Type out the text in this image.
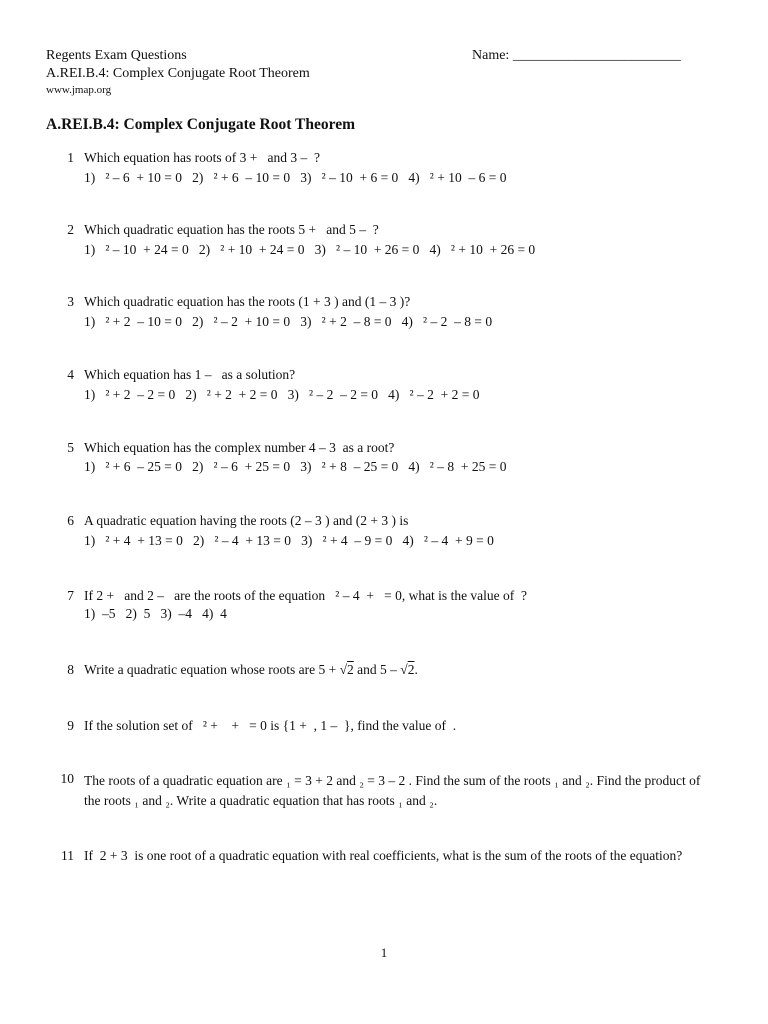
Regents Exam Questions
A.REI.B.4: Complex Conjugate Root Theorem
www.jmap.org
Name: ________________________
A.REI.B.4: Complex Conjugate Root Theorem
1 Which equation has roots of 3 +   and 3 –  ?
1)   ² – 6  + 10 = 0   2)   ² + 6  – 10 = 0   3)   ² – 10  + 6 = 0   4)   ² + 10  – 6 = 0
2 Which quadratic equation has the roots 5 +   and 5 –  ?
1)   ² – 10  + 24 = 0   2)   ² + 10  + 24 = 0   3)   ² – 10  + 26 = 0   4)   ² + 10  + 26 = 0
3 Which quadratic equation has the roots (1 + 3 ) and (1 – 3 )?
1)   ² + 2  – 10 = 0   2)   ² – 2  + 10 = 0   3)   ² + 2  – 8 = 0   4)   ² – 2  – 8 = 0
4 Which equation has 1 –   as a solution?
1)   ² + 2  – 2 = 0   2)   ² + 2  + 2 = 0   3)   ² – 2  – 2 = 0   4)   ² – 2  + 2 = 0
5 Which equation has the complex number 4 – 3  as a root?
1)   ² + 6  – 25 = 0   2)   ² – 6  + 25 = 0   3)   ² + 8  – 25 = 0   4)   ² – 8  + 25 = 0
6 A quadratic equation having the roots (2 – 3 ) and (2 + 3 ) is
1)   ² + 4  + 13 = 0   2)   ² – 4  + 13 = 0   3)   ² + 4  – 9 = 0   4)   ² – 4  + 9 = 0
7 If 2 +   and 2 –   are the roots of the equation   ² – 4  +   = 0, what is the value of  ?
1)  –5   2)  5   3)  –4   4)  4
8 Write a quadratic equation whose roots are 5 + √2 and 5 – √2.
9 If the solution set of   ² +    +   = 0 is {1 +  , 1 –  }, find the value of  .
10 The roots of a quadratic equation are ₁ = 3 + 2 and ₂ = 3 – 2 . Find the sum of the roots ₁ and ₂. Find the product of the roots ₁ and ₂. Write a quadratic equation that has roots ₁ and ₂.
11 If  2 + 3  is one root of a quadratic equation with real coefficients, what is the sum of the roots of the equation?
1
